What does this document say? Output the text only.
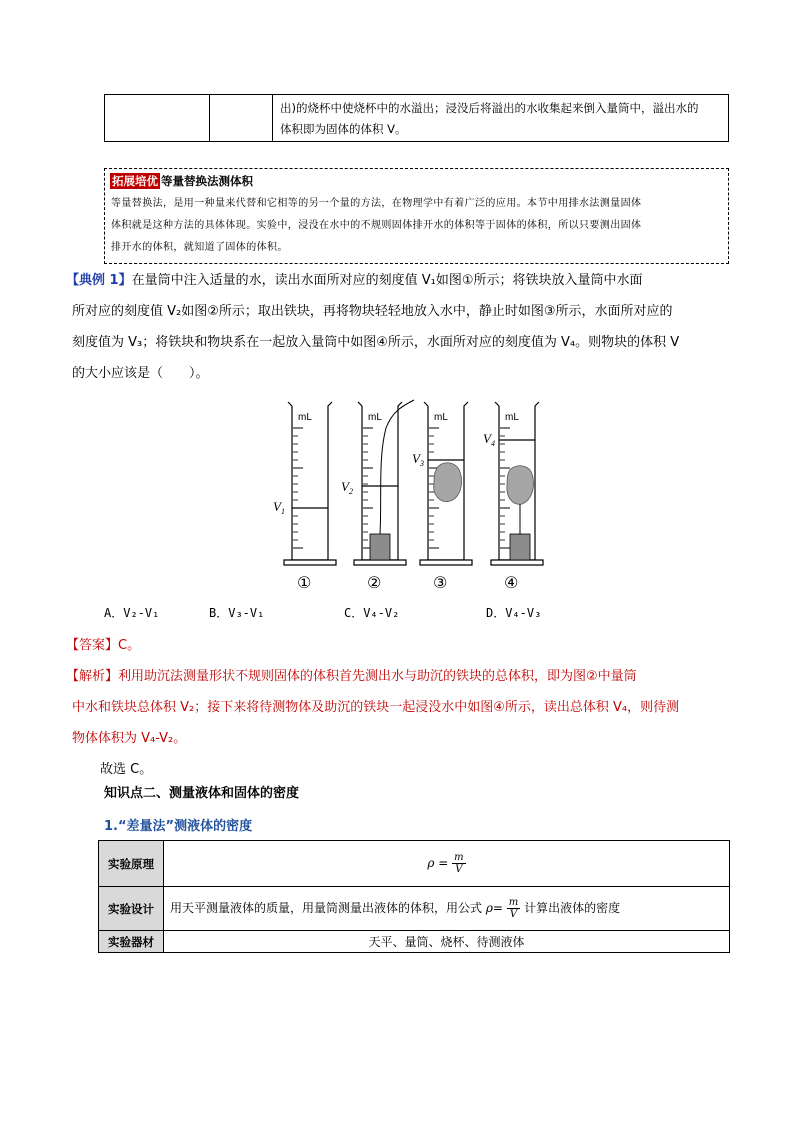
出)的烧杯中使烧杯中的水溢出；浸没后将溢出的水收集起来倒入量筒中，溢出水的
体积即为固体的体积 V。
拓展培优 等量替换法测体积
等量替换法，是用一种量来代替和它相等的另一个量的方法，在物理学中有着广泛的应用。本节中用排水法测量固体
体积就是这种方法的具体体现。实验中，浸没在水中的不规则固体排开水的体积等于固体的体积，所以只要测出固体
排开水的体积，就知道了固体的体积。
【典例 1】在量筒中注入适量的水，读出水面所对应的刻度值 V₁如图①所示；将铁块放入量筒中水面
所对应的刻度值 V₂如图②所示；取出铁块，再将物块轻轻地放入水中，静止时如图③所示，水面所对应的
刻度值为 V₃；将铁块和物块系在一起放入量筒中如图④所示，水面所对应的刻度值为 V₄。则物块的体积 V
的大小应该是（　　）。
mL
$V_1$
①
mL
$V_2$
②
mL
$V_3$
③
mL
$V_4$
④
A．V₂-V₁	B．V₃-V₁	C．V₄-V₂	D．V₄-V₃
【答案】C。
【解析】利用助沉法测量形状不规则固体的体积首先测出水与助沉的铁块的总体积，即为图②中量筒
中水和铁块总体积 V₂；接下来将待测物体及助沉的铁块一起浸没水中如图④所示，读出总体积 V₄，则待测
物体体积为 V₄-V₂。
故选 C。
知识点二、测量液体和固体的密度
1.“差量法”测液体的密度
实验原理	$\rho = \frac{m}{V}$

实验设计	用天平测量液体的质量，用量筒测量出液体的体积，用公式 $\rho= \frac{m}{V}$ 计算出液体的密度
实验器材	天平、量筒、烧杯、待测液体
